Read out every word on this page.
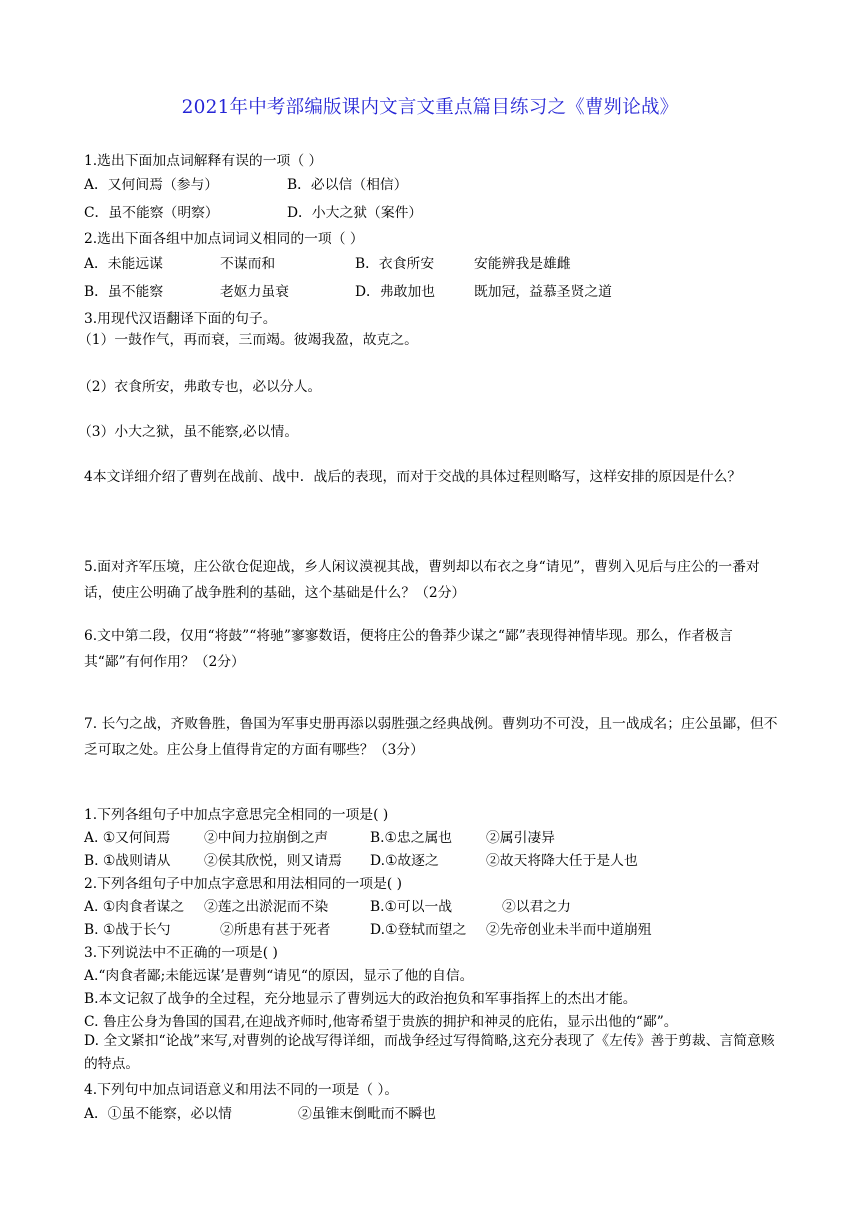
2021年中考部编版课内文言文重点篇目练习之《曹刿论战》
1.选出下面加点词解释有误的一项（ ）
A．又何间焉（参与）	B．必以信（相信）
C．虽不能察（明察）	D．小大之狱（案件）
2.选出下面各组中加点词词义相同的一项（ ）
A．未能远谋	不谋而和	B．衣食所安	安能辨我是雄雌
B．虽不能察	老妪力虽衰	D．弗敢加也	既加冠，益慕圣贤之道
3.用现代汉语翻译下面的句子。
（1）一鼓作气，再而衰，三而竭。彼竭我盈，故克之。
（2）衣食所安，弗敢专也，必以分人。
（3）小大之狱，虽不能察,必以情。
4本文详细介绍了曹刿在战前、战中．战后的表现，而对于交战的具体过程则略写，这样安排的原因是什么？
5.面对齐军压境，庄公欲仓促迎战，乡人闲议漠视其战，曹刿却以布衣之身“请见”，曹刿入见后与庄公的一番对话，使庄公明确了战争胜利的基础，这个基础是什么？（2分）
6.文中第二段，仅用“将鼓”“将驰”寥寥数语，便将庄公的鲁莽少谋之“鄙”表现得神情毕现。那么，作者极言其“鄙”有何作用？（2分）
7. 长勺之战，齐败鲁胜，鲁国为军事史册再添以弱胜强之经典战例。曹刿功不可没，且一战成名；庄公虽鄙，但不乏可取之处。庄公身上值得肯定的方面有哪些？（3分）
1.下列各组句子中加点字意思完全相同的一项是( )
A. ①又何间焉 ②中间力拉崩倒之声	B.①忠之属也 ②属引凄异
B. ①战则请从 ②侯其欣悦，则又请焉 D.①故逐之	②故天将降大任于是人也
2.下列各组句子中加点字意思和用法相同的一项是( )
A. ①肉食者谋之 ②莲之出淤泥而不染	B.①可以一战	②以君之力
B. ①战于长勺	②所患有甚于死者	D.①登轼而望之 ②先帝创业未半而中道崩殂
3.下列说法中不正确的一项是( )
A.“肉食者鄙;未能远谋’是曹刿“请见“的原因，显示了他的自信。
B.本文记叙了战争的全过程，充分地显示了曹刿远大的政治抱负和军事指挥上的杰出才能。
C. 鲁庄公身为鲁国的国君,在迎战齐师时,他寄希望于贵族的拥护和神灵的庇佑，显示出他的“鄙”。
D. 全文紧扣“论战”来写,对曹刿的论战写得详细，而战争经过写得简略,这充分表现了《左传》善于剪裁、言简意赅的特点。
4.下列句中加点词语意义和用法不同的一项是（ ）。
A．①虽不能察，必以情	②虽锥末倒毗而不瞬也
